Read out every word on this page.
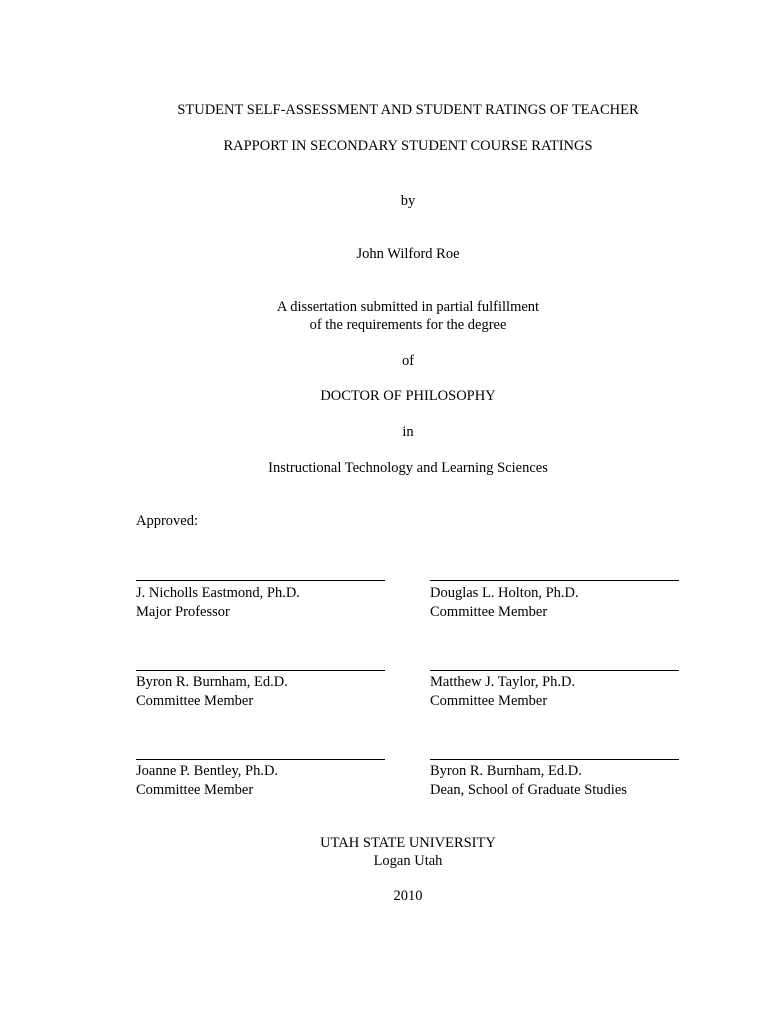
STUDENT SELF-ASSESSMENT AND STUDENT RATINGS OF TEACHER
RAPPORT IN SECONDARY STUDENT COURSE RATINGS
by
John Wilford Roe
A dissertation submitted in partial fulfillment
of the requirements for the degree
of
DOCTOR OF PHILOSOPHY
in
Instructional Technology and Learning Sciences
Approved:
J. Nicholls Eastmond, Ph.D.
Major Professor
Douglas L. Holton, Ph.D.
Committee Member
Byron R. Burnham, Ed.D.
Committee Member
Matthew J. Taylor, Ph.D.
Committee Member
Joanne P. Bentley, Ph.D.
Committee Member
Byron R. Burnham, Ed.D.
Dean, School of Graduate Studies
UTAH STATE UNIVERSITY
Logan Utah
2010
